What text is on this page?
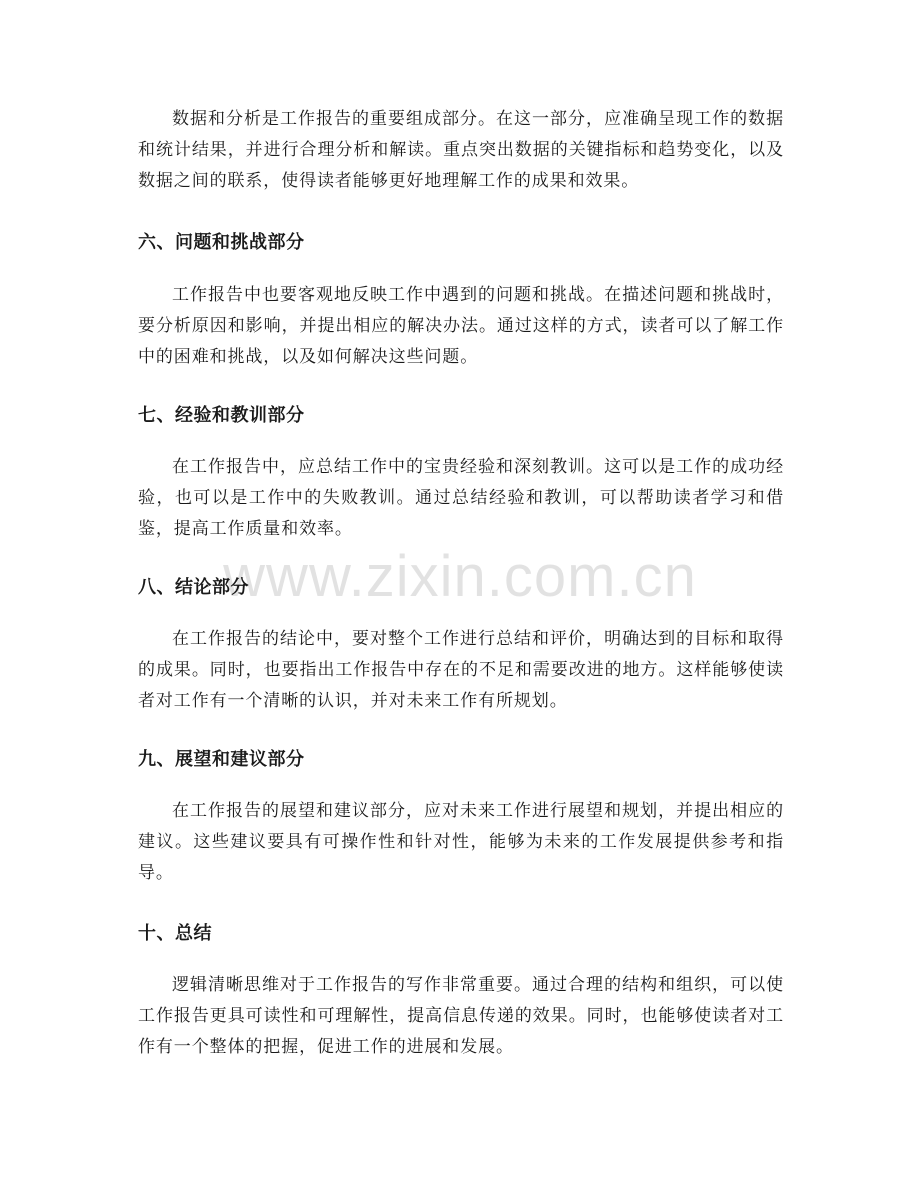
数据和分析是工作报告的重要组成部分。在这一部分，应准确呈现工作的数据和统计结果，并进行合理分析和解读。重点突出数据的关键指标和趋势变化，以及数据之间的联系，使得读者能够更好地理解工作的成果和效果。

六、问题和挑战部分

工作报告中也要客观地反映工作中遇到的问题和挑战。在描述问题和挑战时，要分析原因和影响，并提出相应的解决办法。通过这样的方式，读者可以了解工作中的困难和挑战，以及如何解决这些问题。

七、经验和教训部分

在工作报告中，应总结工作中的宝贵经验和深刻教训。这可以是工作的成功经验，也可以是工作中的失败教训。通过总结经验和教训，可以帮助读者学习和借鉴，提高工作质量和效率。

八、结论部分

在工作报告的结论中，要对整个工作进行总结和评价，明确达到的目标和取得的成果。同时，也要指出工作报告中存在的不足和需要改进的地方。这样能够使读者对工作有一个清晰的认识，并对未来工作有所规划。

九、展望和建议部分

在工作报告的展望和建议部分，应对未来工作进行展望和规划，并提出相应的建议。这些建议要具有可操作性和针对性，能够为未来的工作发展提供参考和指导。

十、总结

逻辑清晰思维对于工作报告的写作非常重要。通过合理的结构和组织，可以使工作报告更具可读性和可理解性，提高信息传递的效果。同时，也能够使读者对工作有一个整体的把握，促进工作的进展和发展。

www.zixin.com.cn
